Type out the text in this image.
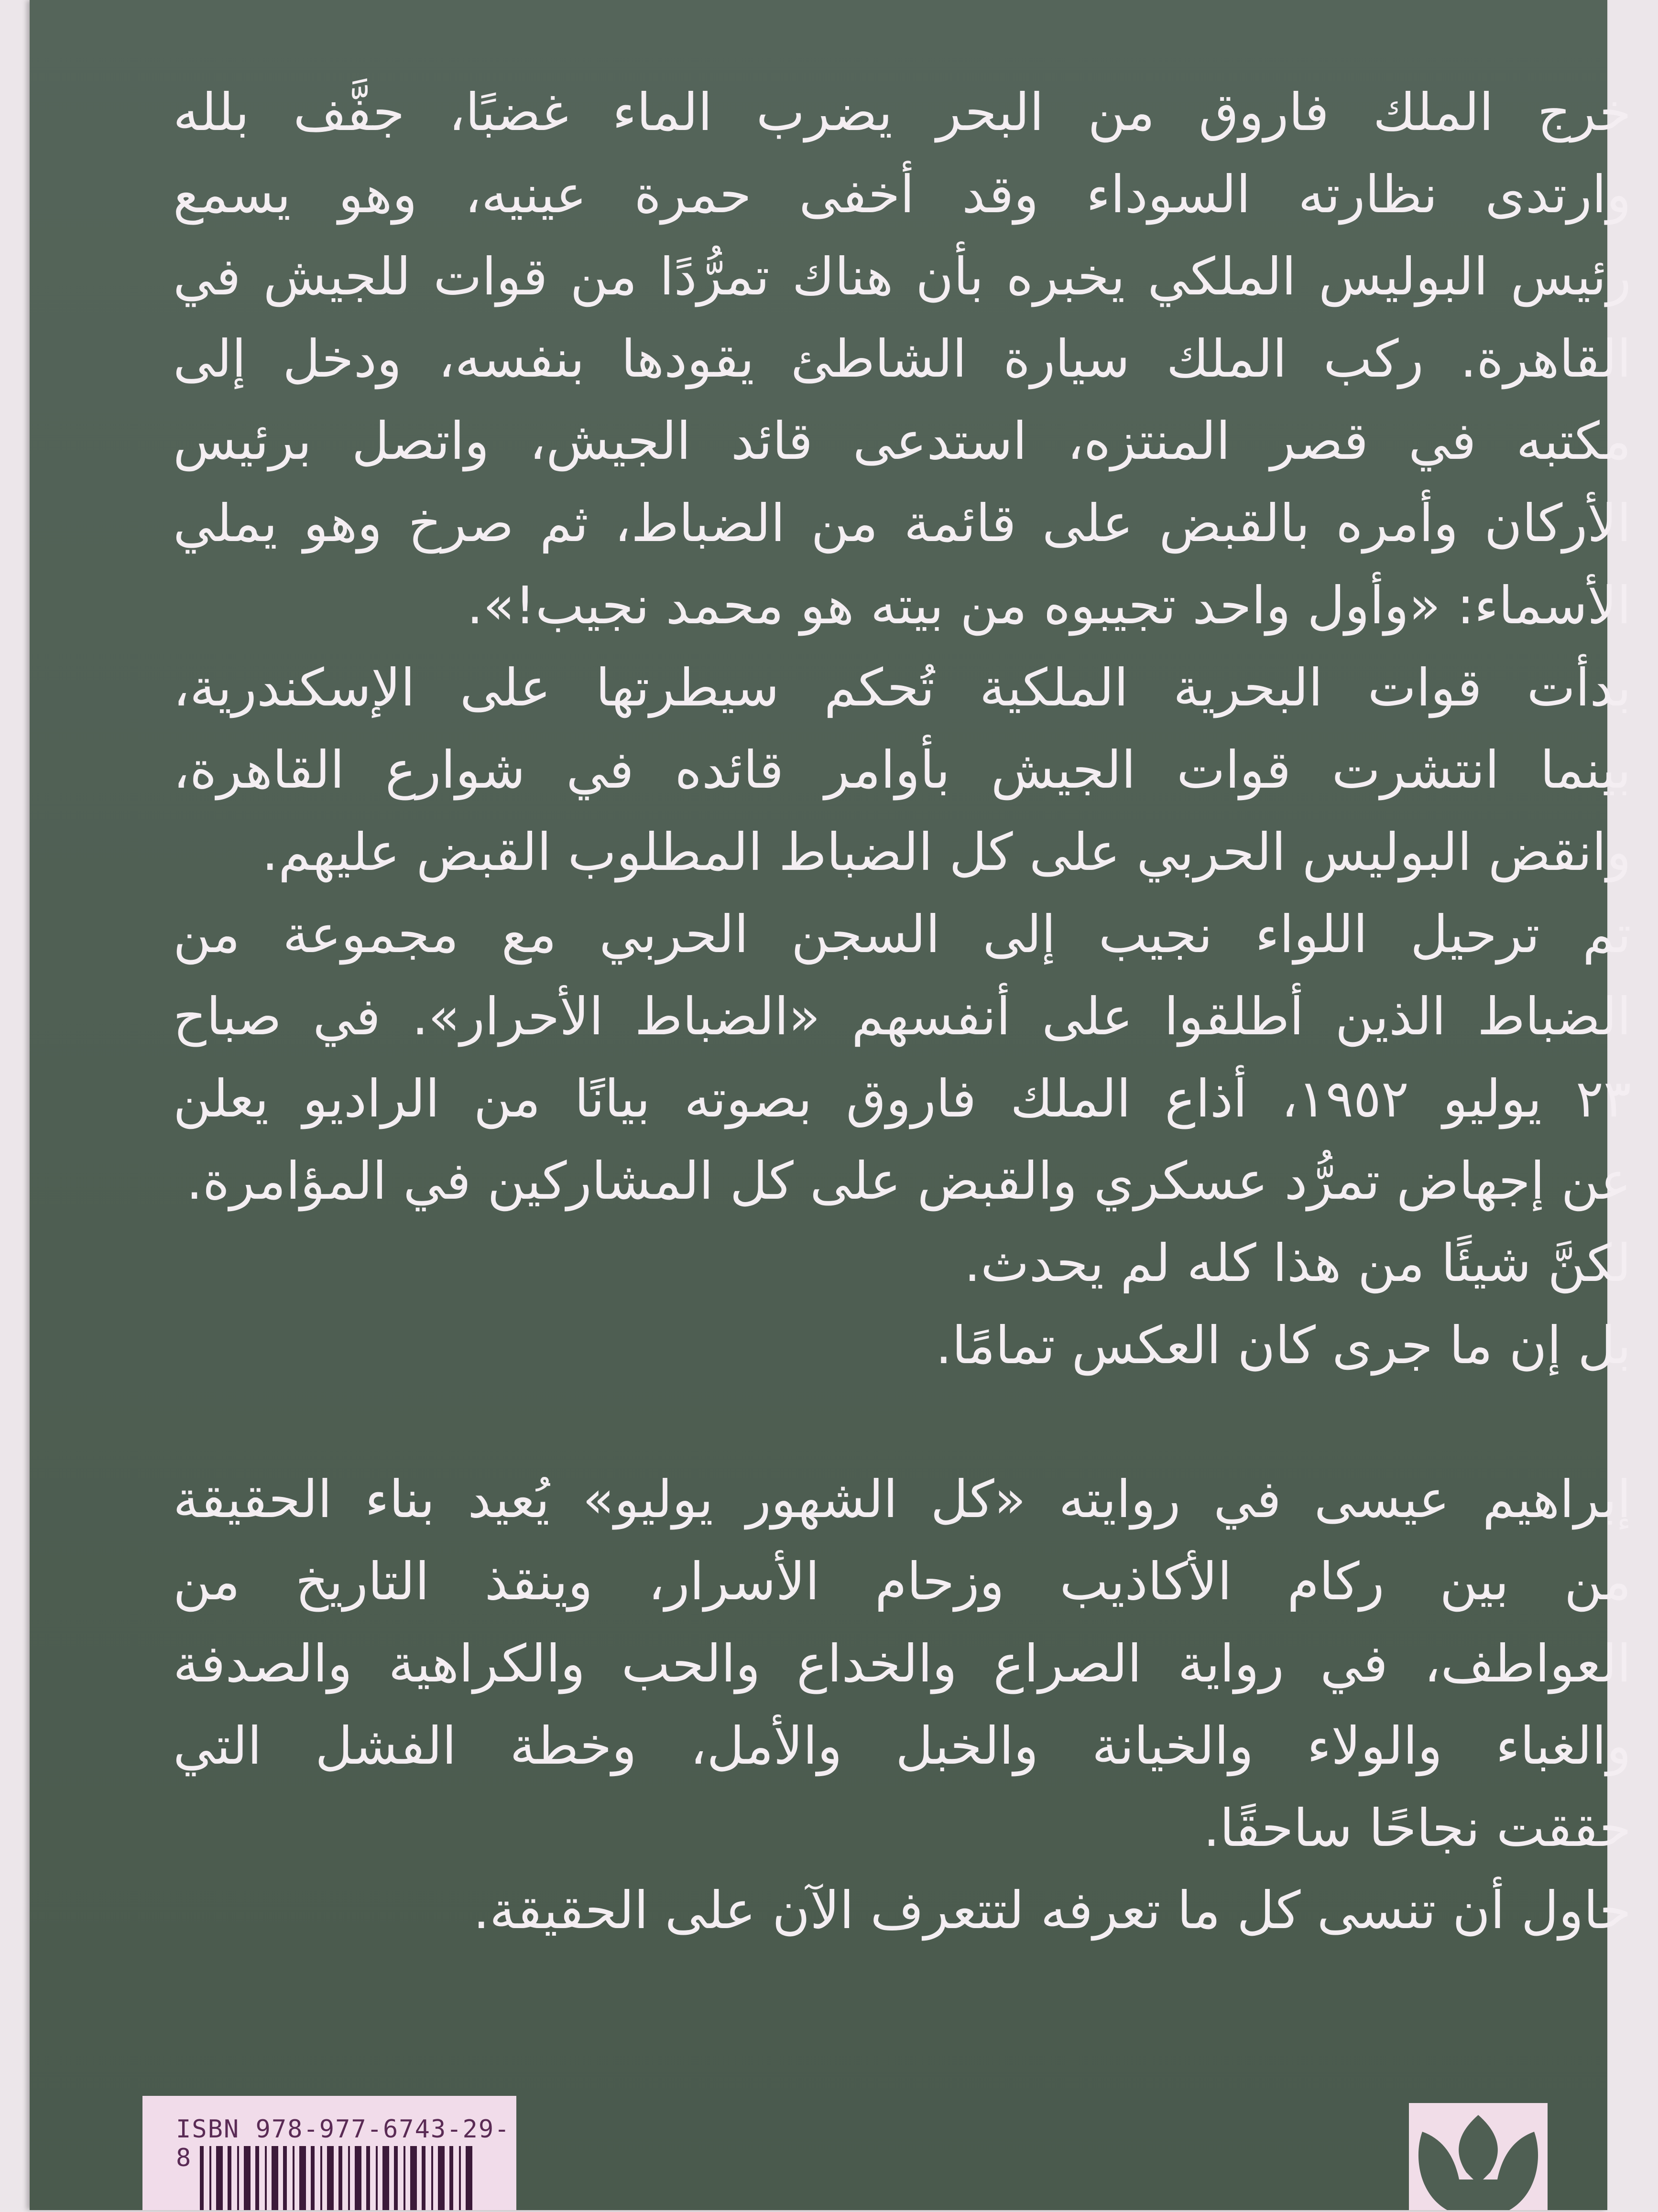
خرج الملك فاروق من البحر يضرب الماء غضبًا، جفَّف بلله
وارتدى نظارته السوداء وقد أخفى حمرة عينيه، وهو يسمع
رئيس البوليس الملكي يخبره بأن هناك تمرُّدًا من قوات للجيش في
القاهرة. ركب الملك سيارة الشاطئ يقودها بنفسه، ودخل إلى
مكتبه في قصر المنتزه، استدعى قائد الجيش، واتصل برئيس
الأركان وأمره بالقبض على قائمة من الضباط، ثم صرخ وهو يملي
الأسماء: «وأول واحد تجيبوه من بيته هو محمد نجيب!».
بدأت قوات البحرية الملكية تُحكم سيطرتها على الإسكندرية،
بينما انتشرت قوات الجيش بأوامر قائده في شوارع القاهرة،
وانقض البوليس الحربي على كل الضباط المطلوب القبض عليهم.
تم ترحيل اللواء نجيب إلى السجن الحربي مع مجموعة من
الضباط الذين أطلقوا على أنفسهم «الضباط الأحرار». في صباح
٢٣ يوليو ١٩٥٢، أذاع الملك فاروق بصوته بيانًا من الراديو يعلن
عن إجهاض تمرُّد عسكري والقبض على كل المشاركين في المؤامرة.
لكنَّ شيئًا من هذا كله لم يحدث.
بل إن ما جرى كان العكس تمامًا.
إبراهيم عيسى في روايته «كل الشهور يوليو» يُعيد بناء الحقيقة
من بين ركام الأكاذيب وزحام الأسرار، وينقذ التاريخ من
العواطف، في رواية الصراع والخداع والحب والكراهية والصدفة
والغباء والولاء والخيانة والخبل والأمل، وخطة الفشل التي
حققت نجاحًا ساحقًا.
حاول أن تنسى كل ما تعرفه لتتعرف الآن على الحقيقة.
ISBN 978-977-6743-29-8
